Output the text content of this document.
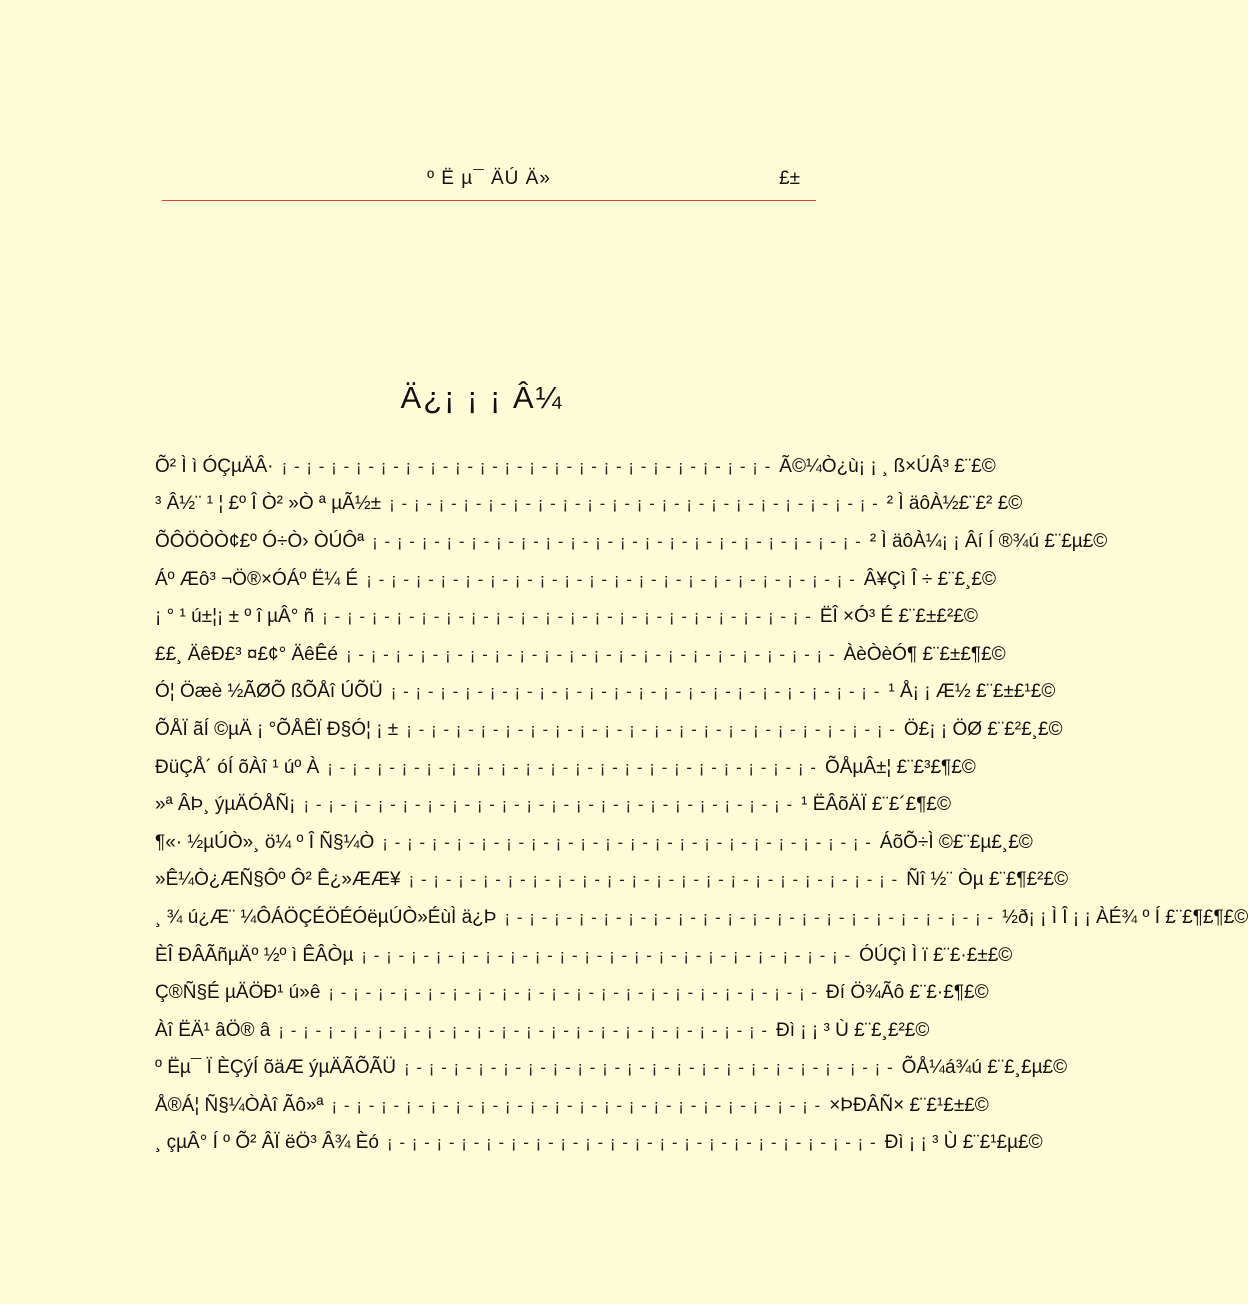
º Ë µ¯ ÄÚ Ä»	£±
Ä¿¡ ¡ ¡ Â¼
Õ² Ì ì ÓÇµÄÂ· ¡ - ¡ - ¡ - ¡ - ¡ - ¡ - ¡ - ¡ - ¡ - ¡ - ¡ - ¡ - ¡ - ¡ - ¡ - ¡ - ¡ - ¡ - ¡ - ¡ - Ã©¼Ò¿ù¡ ¡ ¸ ß×ÚÂ³ £¨£©
³ Â½¨ ¹ ¦ £º Î Ò² »Ò ª µÃ½± ¡ - ¡ - ¡ - ¡ - ¡ - ¡ - ¡ - ¡ - ¡ - ¡ - ¡ - ¡ - ¡ - ¡ - ¡ - ¡ - ¡ - ¡ - ¡ - ¡ - ² Ì äôÀ½£¨£² £©
ÕÔÖÒÒ¢£º Ó÷Ò› ÒÚÔª ¡ - ¡ - ¡ - ¡ - ¡ - ¡ - ¡ - ¡ - ¡ - ¡ - ¡ - ¡ - ¡ - ¡ - ¡ - ¡ - ¡ - ¡ - ¡ - ¡ - ² Ì äôÀ¼¡ ¡ Âí Í ®¾ú £¨£µ£©
Áº Æô³ ¬Ö®×ÓÁº Ë¼ É ¡ - ¡ - ¡ - ¡ - ¡ - ¡ - ¡ - ¡ - ¡ - ¡ - ¡ - ¡ - ¡ - ¡ - ¡ - ¡ - ¡ - ¡ - ¡ - ¡ - Â¥Çì Î ÷ £¨£¸£©
¡ ° ¹ ú±¦¡ ± º î µÂ° ñ ¡ - ¡ - ¡ - ¡ - ¡ - ¡ - ¡ - ¡ - ¡ - ¡ - ¡ - ¡ - ¡ - ¡ - ¡ - ¡ - ¡ - ¡ - ¡ - ¡ - ËÎ ×Ó³ É £¨£±£²£©
££¸ ÄêÐ£³ ¤£¢° ÄêÊé ¡ - ¡ - ¡ - ¡ - ¡ - ¡ - ¡ - ¡ - ¡ - ¡ - ¡ - ¡ - ¡ - ¡ - ¡ - ¡ - ¡ - ¡ - ¡ - ¡ - ÀèÒèÓ¶ £¨£±£¶£©
Ó¦ Öæè ½ÃØÕ ßÕÅî ÚÕÜ ¡ - ¡ - ¡ - ¡ - ¡ - ¡ - ¡ - ¡ - ¡ - ¡ - ¡ - ¡ - ¡ - ¡ - ¡ - ¡ - ¡ - ¡ - ¡ - ¡ - ¹ Å¡ ¡ Æ½ £¨£±£¹£©
ÕÅÏ ãÍ ©µÄ ¡ °ÕÅÊÏ Ð§Ó¦ ¡ ± ¡ - ¡ - ¡ - ¡ - ¡ - ¡ - ¡ - ¡ - ¡ - ¡ - ¡ - ¡ - ¡ - ¡ - ¡ - ¡ - ¡ - ¡ - ¡ - ¡ - Ö£¡ ¡ ÖØ £¨£²£¸£©
ÐüÇÅ´ óÍ õÀî ¹ úº À ¡ - ¡ - ¡ - ¡ - ¡ - ¡ - ¡ - ¡ - ¡ - ¡ - ¡ - ¡ - ¡ - ¡ - ¡ - ¡ - ¡ - ¡ - ¡ - ¡ - ÕÅµÂ±¦ £¨£³£¶£©
»ª ÂÞ¸ ýµÄÓÅÑ¡ ¡ - ¡ - ¡ - ¡ - ¡ - ¡ - ¡ - ¡ - ¡ - ¡ - ¡ - ¡ - ¡ - ¡ - ¡ - ¡ - ¡ - ¡ - ¡ - ¡ - ¹ ËÂõÄÏ £¨£´£¶£©
¶«· ½µÚÒ»¸ ö¼ º Î Ñ§¼Ò ¡ - ¡ - ¡ - ¡ - ¡ - ¡ - ¡ - ¡ - ¡ - ¡ - ¡ - ¡ - ¡ - ¡ - ¡ - ¡ - ¡ - ¡ - ¡ - ¡ - ÁõÕ÷Ì ©£¨£µ£¸£©
»Ê¼Ò¿ÆÑ§Ôº Ô² Ê¿»ÆÆ¥ ¡ - ¡ - ¡ - ¡ - ¡ - ¡ - ¡ - ¡ - ¡ - ¡ - ¡ - ¡ - ¡ - ¡ - ¡ - ¡ - ¡ - ¡ - ¡ - ¡ - Ñî ½¨ Òµ £¨£¶£²£©
¸ ¾ ú¿Æ¨ ¼ÔÁÖÇÉÖÉÓëµÚÒ»ÉùÌ ä¿Þ ¡ - ¡ - ¡ - ¡ - ¡ - ¡ - ¡ - ¡ - ¡ - ¡ - ¡ - ¡ - ¡ - ¡ - ¡ - ¡ - ¡ - ¡ - ¡ - ¡ - ½ð¡ ¡ Ì Î ¡ ¡ ÀÉ¾ º Í £¨£¶£¶£©
ÈÎ ÐÂÃñµÄº ½º ì ÊÂÒµ ¡ - ¡ - ¡ - ¡ - ¡ - ¡ - ¡ - ¡ - ¡ - ¡ - ¡ - ¡ - ¡ - ¡ - ¡ - ¡ - ¡ - ¡ - ¡ - ¡ - ÓÚÇì Ì ï £¨£·£±£©
Ç®Ñ§É µÄÖÐ¹ ú»ê ¡ - ¡ - ¡ - ¡ - ¡ - ¡ - ¡ - ¡ - ¡ - ¡ - ¡ - ¡ - ¡ - ¡ - ¡ - ¡ - ¡ - ¡ - ¡ - ¡ - Ðí Ö¾Ãô £¨£·£¶£©
Àî ËÄ¹ âÖ® â ¡ - ¡ - ¡ - ¡ - ¡ - ¡ - ¡ - ¡ - ¡ - ¡ - ¡ - ¡ - ¡ - ¡ - ¡ - ¡ - ¡ - ¡ - ¡ - ¡ - Ðì ¡ ¡ ³ Ù £¨£¸£²£©
º Ëµ¯ Ï ÈÇýÍ õäÆ ýµÄÃÕÃÜ ¡ - ¡ - ¡ - ¡ - ¡ - ¡ - ¡ - ¡ - ¡ - ¡ - ¡ - ¡ - ¡ - ¡ - ¡ - ¡ - ¡ - ¡ - ¡ - ¡ - ÕÅ¼á¾ú £¨£¸£µ£©
Å®Á¦ Ñ§¼ÒÀî Ãô»ª ¡ - ¡ - ¡ - ¡ - ¡ - ¡ - ¡ - ¡ - ¡ - ¡ - ¡ - ¡ - ¡ - ¡ - ¡ - ¡ - ¡ - ¡ - ¡ - ¡ - ×ÞÐÂÑ× £¨£¹£±£©
¸ çµÂ° Í º Õ² ÂÏ ëÖ³ Â¾ Èó ¡ - ¡ - ¡ - ¡ - ¡ - ¡ - ¡ - ¡ - ¡ - ¡ - ¡ - ¡ - ¡ - ¡ - ¡ - ¡ - ¡ - ¡ - ¡ - ¡ - Ðì ¡ ¡ ³ Ù £¨£¹£µ£©
